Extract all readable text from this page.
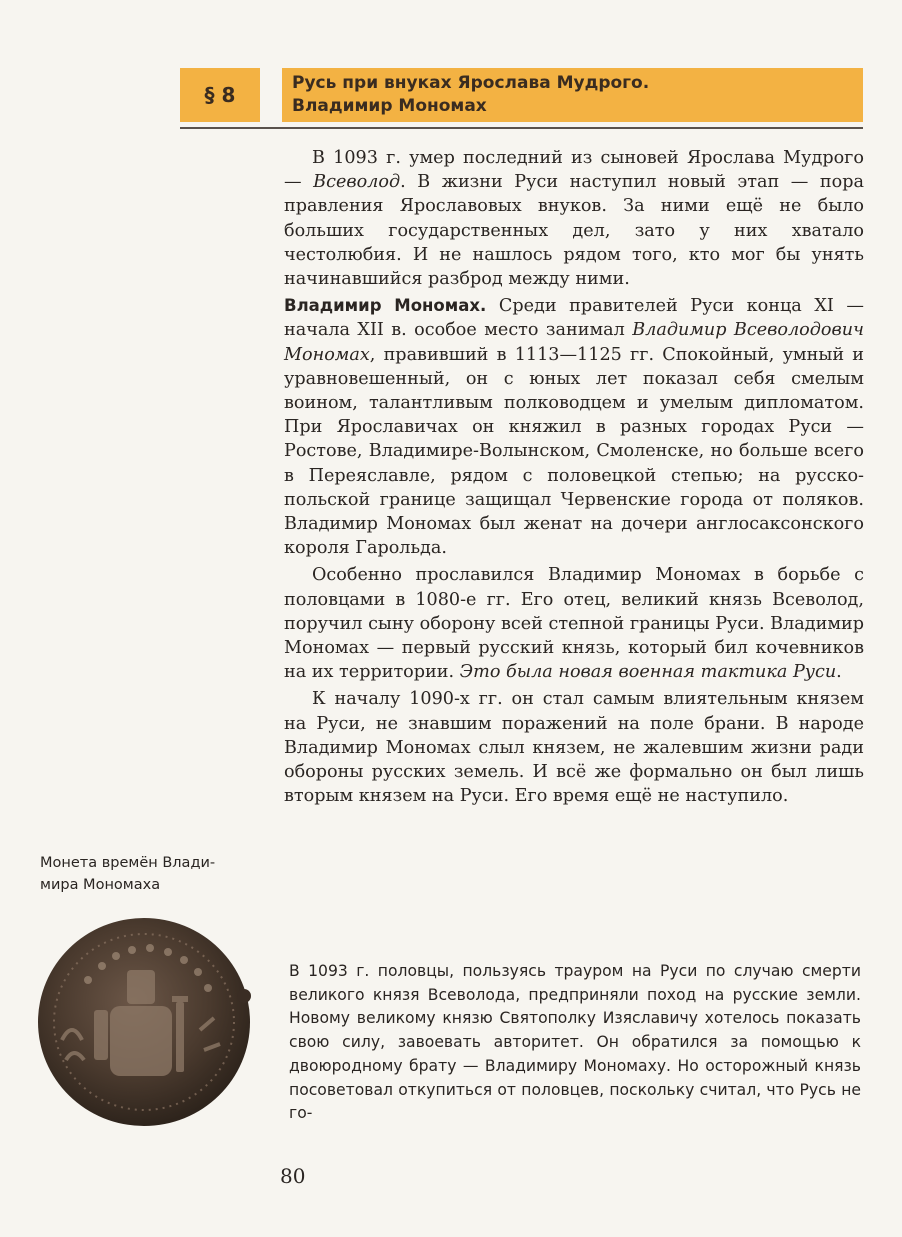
§ 8	Русь при внуках Ярослава Мудрого.
Владимир Мономах

В 1093 г. умер последний из сыновей Ярослава Мудрого — Всеволод. В жизни Руси наступил новый этап — пора правления Ярославовых внуков. За ними ещё не было больших государственных дел, зато у них хватало честолюбия. И не нашлось рядом того, кто мог бы унять начинавшийся разброд между ними.

Владимир Мономах. Среди правителей Руси конца XI — начала XII в. особое место занимал Владимир Всеволодович Мономах, правивший в 1113—1125 гг. Спокойный, умный и уравновешенный, он с юных лет показал себя смелым воином, талантливым полководцем и умелым дипломатом. При Ярославичах он княжил в разных городах Руси — Ростове, Владимире-Волынском, Смоленске, но больше всего в Переяславле, рядом с половецкой степью; на русско-польской границе защищал Червенские города от поляков. Владимир Мономах был женат на дочери англосаксонского короля Гарольда.

Особенно прославился Владимир Мономах в борьбе с половцами в 1080-е гг. Его отец, великий князь Всеволод, поручил сыну оборону всей степной границы Руси. Владимир Мономах — первый русский князь, который бил кочевников на их территории. Это была новая военная тактика Руси.

К началу 1090-х гг. он стал самым влиятельным князем на Руси, не знавшим поражений на поле брани. В народе Владимир Мономах слыл князем, не жалевшим жизни ради обороны русских земель. И всё же формально он был лишь вторым князем на Руси. Его время ещё не наступило.

Монета времён Влади-
мира Мономаха

В 1093 г. половцы, пользуясь трауром на Руси по случаю смерти великого князя Всеволода, предприняли поход на русские земли. Новому великому князю Святополку Изяславичу хотелось показать свою силу, завоевать авторитет. Он обратился за помощью к двоюродному брату — Владимиру Мономаху. Но осторожный князь посоветовал откупиться от половцев, поскольку считал, что Русь не го-

80
